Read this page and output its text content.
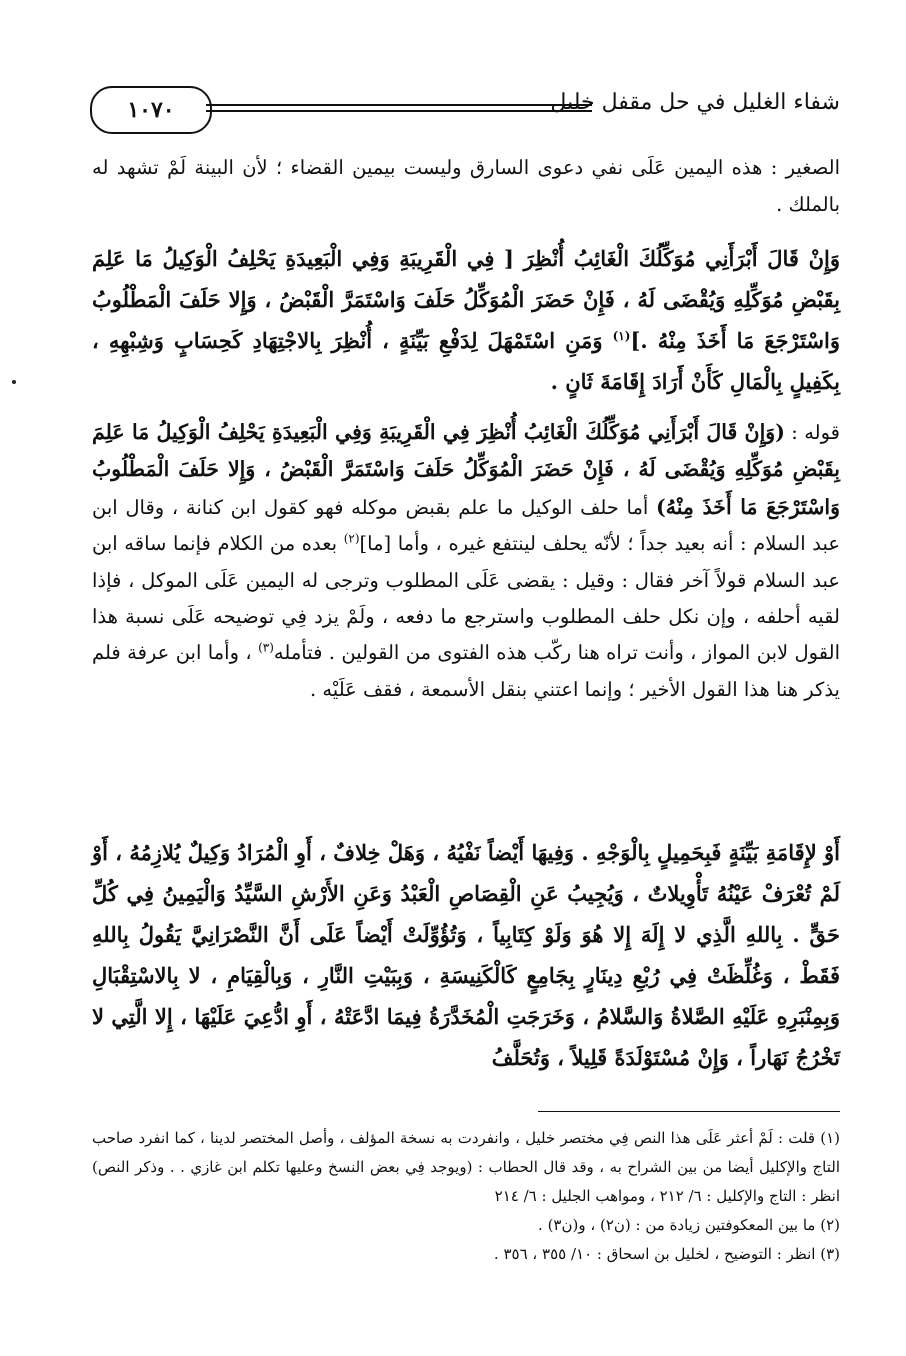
١٠٧٠	شفاء الغليل في حل مقفل خليل

الصغير : هذه اليمين عَلَى نفي دعوى السارق وليست بيمين القضاء ؛ لأن البينة لَمْ تشهد له بالملك .

وَإِنْ قَالَ أَبْرَأَنِي مُوَكِّلُكَ الْغَائِبُ أُنْظِرَ [ فِي الْقَرِيبَةِ وَفِي الْبَعِيدَةِ يَحْلِفُ الْوَكِيلُ مَا عَلِمَ بِقَبْضِ مُوَكِّلِهِ وَيُقْضَى لَهُ ، فَإِنْ حَضَرَ الْمُوَكِّلُ حَلَفَ وَاسْتَمَرَّ الْقَبْضُ ، وَإِلا حَلَفَ الْمَطْلُوبُ وَاسْتَرْجَعَ مَا أَخَذَ مِنْهُ .]$^{(١)}$ وَمَنِ اسْتَمْهَلَ لِدَفْعِ بَيِّنَةٍ ، أُنْظِرَ بِالاجْتِهَادِ كَحِسَابٍ وَشِبْهِهِ ، بِكَفِيلٍ بِالْمَالِ كَأَنْ أَرَادَ إِقَامَةَ ثَانٍ .

قوله : (وَإِنْ قَالَ أَبْرَأَنِي مُوَكِّلُكَ الْغَائِبُ أُنْظِرَ فِي الْقَرِيبَةِ وَفِي الْبَعِيدَةِ يَحْلِفُ الْوَكِيلُ مَا عَلِمَ بِقَبْضِ مُوَكِّلِهِ وَيُقْضَى لَهُ ، فَإِنْ حَضَرَ الْمُوَكِّلُ حَلَفَ وَاسْتَمَرَّ الْقَبْضُ ، وَإِلا حَلَفَ الْمَطْلُوبُ وَاسْتَرْجَعَ مَا أَخَذَ مِنْهُ) أما حلف الوكيل ما علم بقبض موكله فهو كقول ابن كنانة ، وقال ابن عبد السلام : أنه بعيد جداً ؛ لأنّه يحلف لينتفع غيره ، وأما [ما]$^{(٢)}$ بعده من الكلام فإنما ساقه ابن عبد السلام قولاً آخر فقال : وقيل : يقضى عَلَى المطلوب وترجى له اليمين عَلَى الموكل ، فإذا لقيه أحلفه ، وإن نكل حلف المطلوب واسترجع ما دفعه ، ولَمْ يزد فِي توضيحه عَلَى نسبة هذا القول لابن المواز ، وأنت تراه هنا ركّب هذه الفتوى من القولين . فتأمله$^{(٣)}$ ، وأما ابن عرفة فلم يذكر هنا هذا القول الأخير ؛ وإنما اعتني بنقل الأسمعة ، فقف عَلَيْه .

أَوْ لإِقَامَةِ بَيِّنَةٍ فَبِحَمِيلٍ بِالْوَجْهِ . وَفِيهَا أَيْضاً نَفْيُهُ ، وَهَلْ خِلافٌ ، أَوِ الْمُرَادُ وَكِيلٌ يُلازِمُهُ ، أَوْ لَمْ تُعْرَفْ عَيْنُهُ تَأْوِيلاتٌ ، وَيُجِيبُ عَنِ الْقِصَاصِ الْعَبْدُ وَعَنِ الأَرْشِ السَّيِّدُ وَالْيَمِينُ فِي كُلِّ حَقٍّ . بِاللهِ الَّذِي لا إِلَهَ إِلا هُوَ وَلَوْ كِتَابِياً ، وَتُؤُوِّلَتْ أَيْضاً عَلَى أَنَّ النَّصْرَانِيَّ يَقُولُ بِاللهِ فَقَطْ ، وَغُلِّظَتْ فِي رُبْعِ دِينَارٍ بِجَامِعٍ كَالْكَنِيسَةِ ، وَبِبَيْتِ النَّارِ ، وَبِالْقِيَامِ ، لا بِالاسْتِقْبَالِ وَبِمِنْبَرِهِ عَلَيْهِ الصَّلاةُ وَالسَّلامُ ، وَخَرَجَتِ الْمُخَدَّرَةُ فِيمَا ادَّعَتْهُ ، أَوِ ادُّعِيَ عَلَيْهَا ، إِلا الَّتِي لا تَخْرُجُ نَهَاراً ، وَإِنْ مُسْتَوْلَدَةً قَلِيلاً ، وَتُحَلَّفُ

(١) قلت : لَمْ أعثر عَلَى هذا النص فِي مختصر خليل ، وانفردت به نسخة المؤلف ، وأصل المختصر لدينا ، كما انفرد صاحب التاج والإكليل أيضا من بين الشراح به ، وقد قال الحطاب : (ويوجد فِي بعض النسخ وعليها تكلم ابن غازي . . وذكر النص) انظر : التاج والإكليل : ٦/ ٢١٢ ، ومواهب الجليل : ٦/ ٢١٤

(٢) ما بين المعكوفتين زيادة من : (ن٢) ، و(ن٣) .

(٣) انظر : التوضيح ، لخليل بن اسحاق : ١٠/ ٣٥٥ ، ٣٥٦ .
